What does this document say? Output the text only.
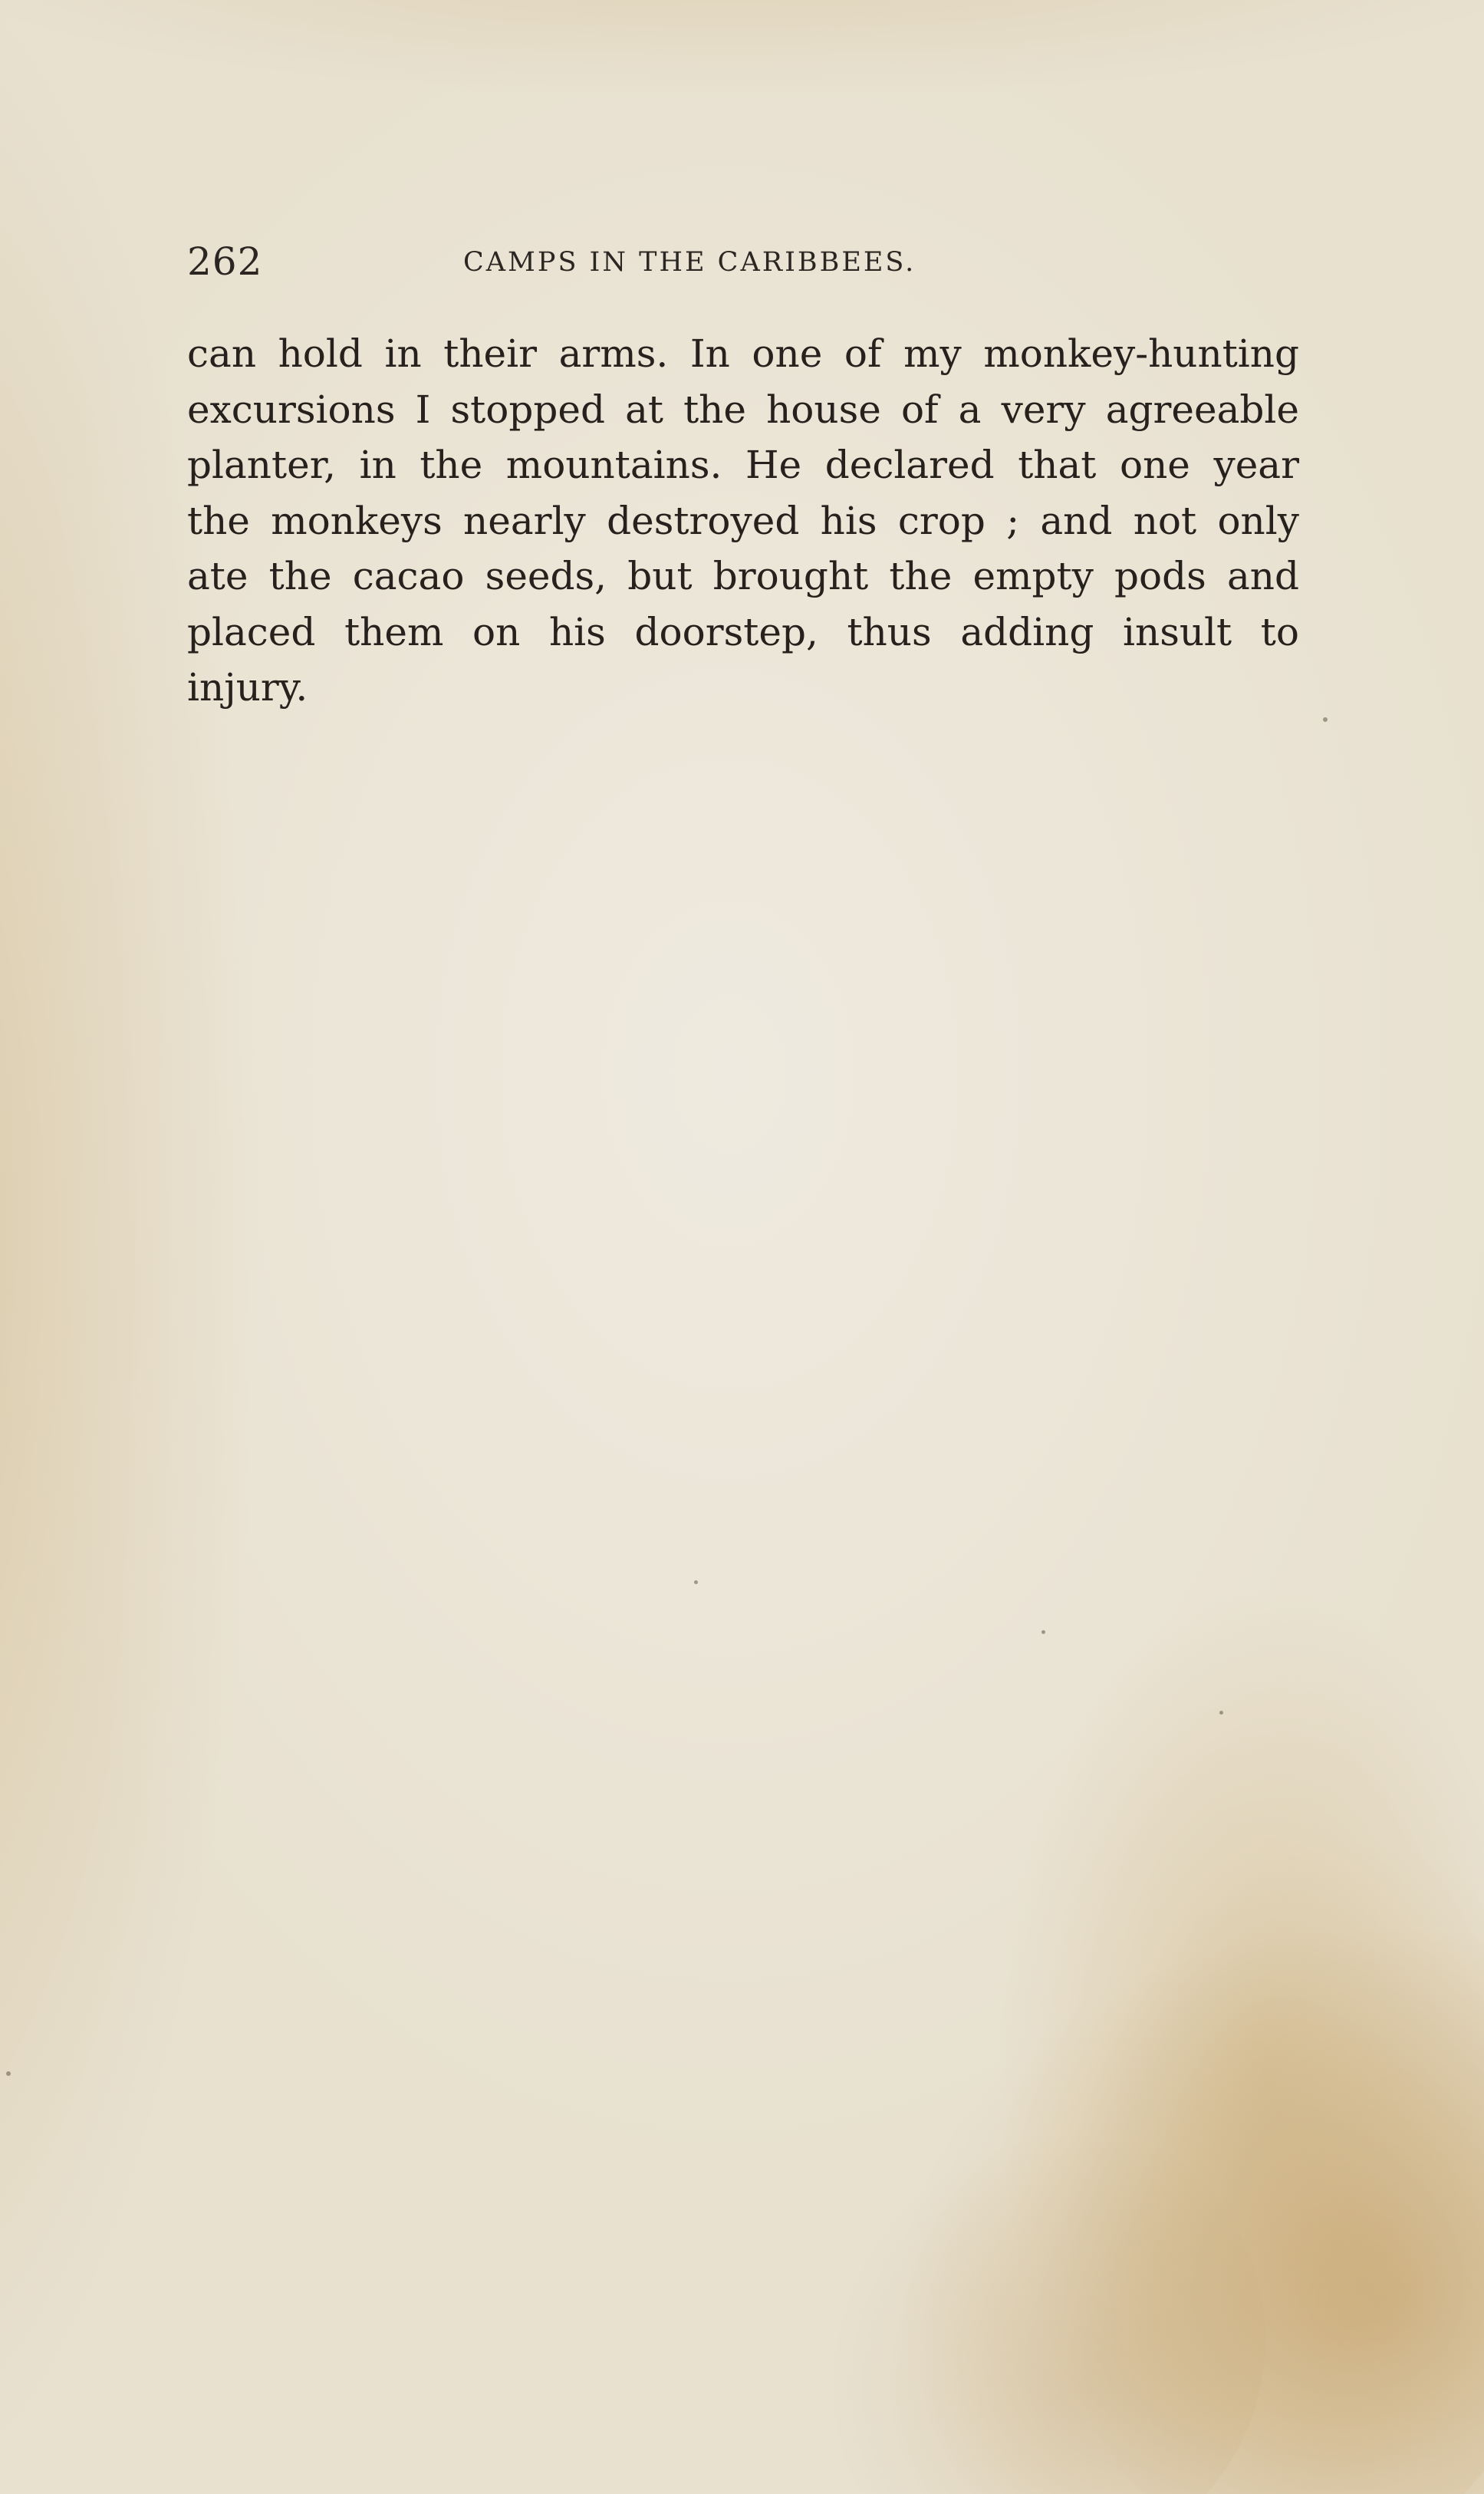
262	CAMPS IN THE CARIBBEES.
can hold in their arms. In one of my monkey-hunting
excursions I stopped at the house of a very agreeable
planter, in the mountains. He declared that one year
the monkeys nearly destroyed his crop ; and not only
ate the cacao seeds, but brought the empty pods and
placed them on his doorstep, thus adding insult to
injury.
